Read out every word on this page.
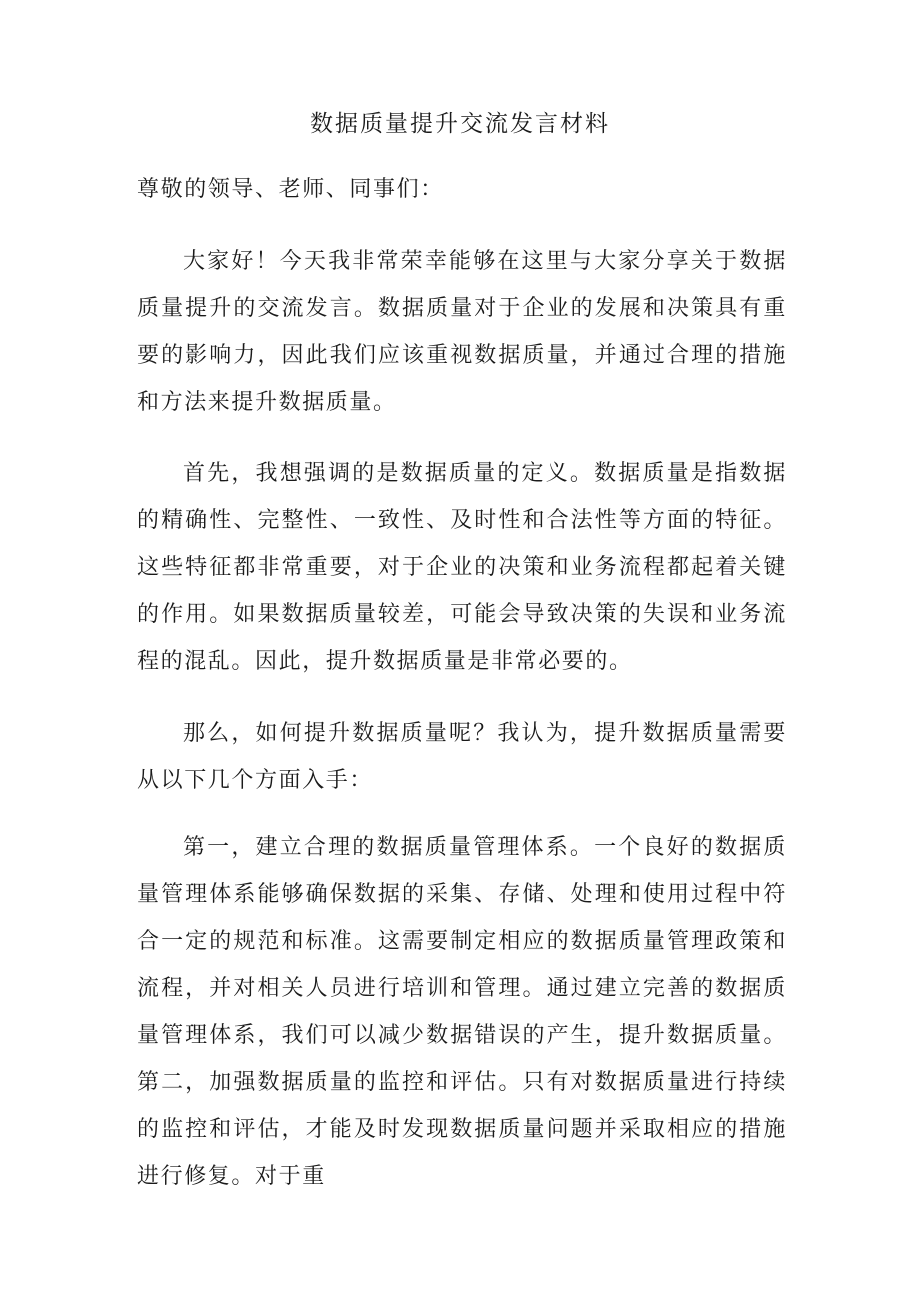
数据质量提升交流发言材料

尊敬的领导、老师、同事们：

大家好！今天我非常荣幸能够在这里与大家分享关于数据质量提升的交流发言。数据质量对于企业的发展和决策具有重要的影响力，因此我们应该重视数据质量，并通过合理的措施和方法来提升数据质量。

首先，我想强调的是数据质量的定义。数据质量是指数据的精确性、完整性、一致性、及时性和合法性等方面的特征。这些特征都非常重要，对于企业的决策和业务流程都起着关键的作用。如果数据质量较差，可能会导致决策的失误和业务流程的混乱。因此，提升数据质量是非常必要的。

那么，如何提升数据质量呢？我认为，提升数据质量需要从以下几个方面入手：

第一，建立合理的数据质量管理体系。一个良好的数据质量管理体系能够确保数据的采集、存储、处理和使用过程中符合一定的规范和标准。这需要制定相应的数据质量管理政策和流程，并对相关人员进行培训和管理。通过建立完善的数据质量管理体系，我们可以减少数据错误的产生，提升数据质量。第二，加强数据质量的监控和评估。只有对数据质量进行持续的监控和评估，才能及时发现数据质量问题并采取相应的措施进行修复。对于重
